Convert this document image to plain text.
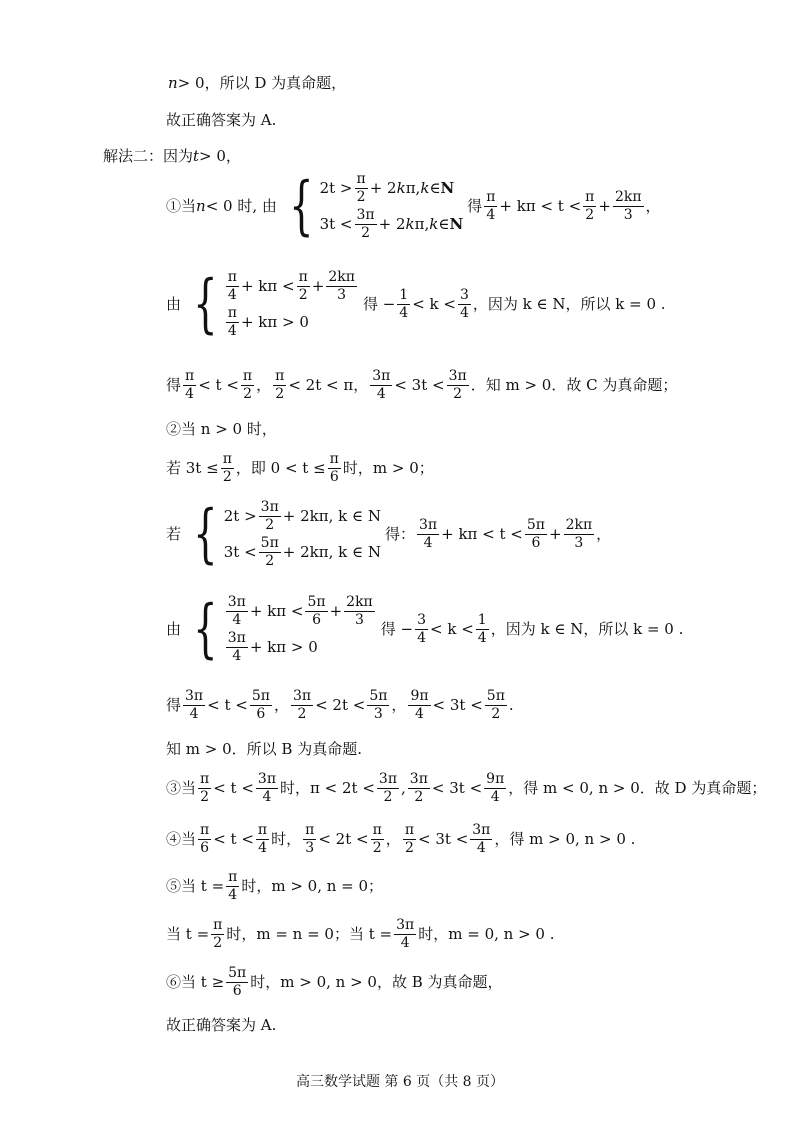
n > 0 ，所以 D 为真命题，
故正确答案为 A.
解法二：因为 t > 0，
①当 n < 0 时, 由 { $2t > \frac{\pi}{2} + 2$ k π, k ∈ N
$3t < \frac{3\pi}{2} + 2$ k π, k ∈ N
得 $\frac{\pi}{4} + k\pi < t < \frac{\pi}{2} + \frac{2k\pi}{3}$ ，
由 { $\frac{\pi}{4} + k\pi < \frac{\pi}{2} + \frac{2k\pi}{3}$
$\frac{\pi}{4} + k\pi > 0$
得 − $\frac{1}{4} < k < \frac{3}{4}$ ，因为 k ∈ N，所以 k = 0 .
得 $\frac{\pi}{4} < t < \frac{\pi}{2}$ ， $\frac{\pi}{2} < 2t < \pi$， $\frac{3\pi}{4} < 3t < \frac{3\pi}{2}$ ．知 m > 0．故 C 为真命题；
②当 n > 0 时，
若 $3t \le \frac{\pi}{2}$ ，即 $0 < t \le \frac{\pi}{6}$ 时，m > 0；
若 { $2t > \frac{3\pi}{2} + 2k\pi$, k ∈ N
$3t < \frac{5\pi}{2} + 2k\pi$, k ∈ N
得： $\frac{3\pi}{4} + k\pi < t < \frac{5\pi}{6} + \frac{2k\pi}{3}$ ，
由 { $\frac{3\pi}{4} + k\pi < \frac{5\pi}{6} + \frac{2k\pi}{3}$
$\frac{3\pi}{4} + k\pi > 0$
得 − $\frac{3}{4} < k < \frac{1}{4}$ ，因为 k ∈ N，所以 k = 0 .
得 $\frac{3\pi}{4} < t < \frac{5\pi}{6}$ ， $\frac{3\pi}{2} < 2t < \frac{5\pi}{3}$ ， $\frac{9\pi}{4} < 3t < \frac{5\pi}{2}$ .
知 m > 0．所以 B 为真命题.
③当 $\frac{\pi}{2} < t < \frac{3\pi}{4}$ 时，$\pi < 2t < \frac{3\pi}{2}$ , $\frac{3\pi}{2} < 3t < \frac{9\pi}{4}$ ，得 m < 0, n > 0．故 D 为真命题；
④当 $\frac{\pi}{6} < t < \frac{\pi}{4}$ 时， $\frac{\pi}{3} < 2t < \frac{\pi}{2}$ ， $\frac{\pi}{2} < 3t < \frac{3\pi}{4}$ ，得 m > 0, n > 0 .
⑤当 $t = \frac{\pi}{4}$ 时，m > 0, n = 0；
当 $t = \frac{\pi}{2}$ 时，m = n = 0；当 $t = \frac{3\pi}{4}$ 时，m = 0, n > 0 .
⑥当 $t \ge \frac{5\pi}{6}$ 时，m > 0, n > 0，故 B 为真命题，
故正确答案为 A.
高三数学试题 第 6 页（共 8 页）
